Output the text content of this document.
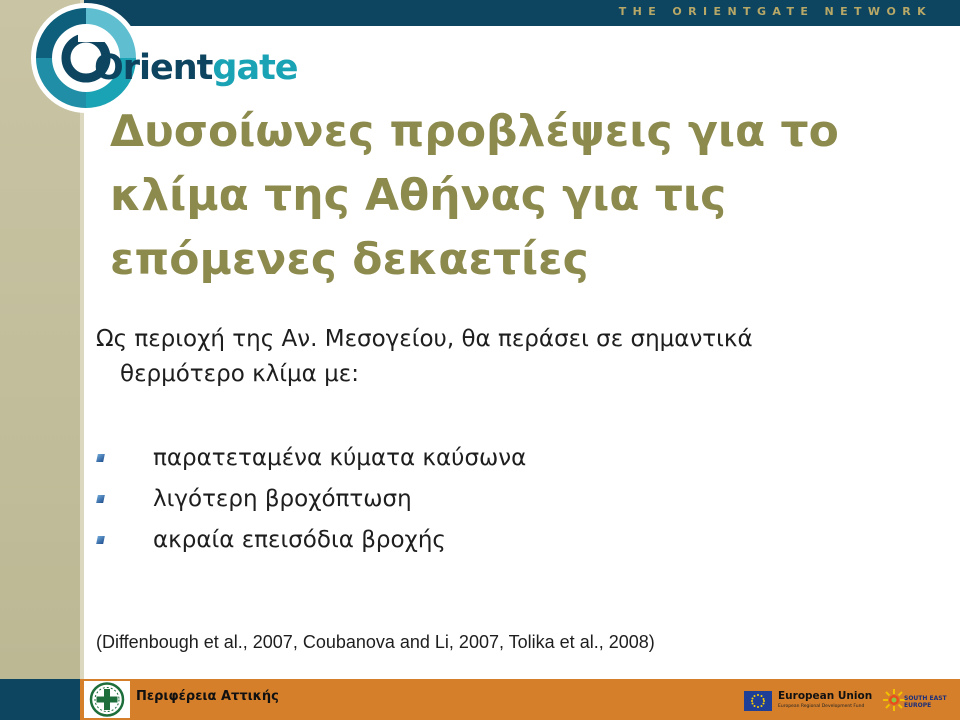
THE ORIENTGATE NETWORK
Orientgate
Δυσοίωνες προβλέψεις για το
κλίμα της Αθήνας για τις
επόμενες δεκαετίες

Ως περιοχή της Αν. Μεσογείου, θα περάσει σε σημαντικά
θερμότερο κλίμα με:

παρατεταμένα κύματα καύσωνα
λιγότερη βροχόπτωση
ακραία επεισόδια βροχής

(Diffenbough et al., 2007, Coubanova and Li, 2007, Tolika et al., 2008)

Περιφέρεια Αττικής	European Union
European Regional Development Fund
SOUTH EAST
EUROPE
